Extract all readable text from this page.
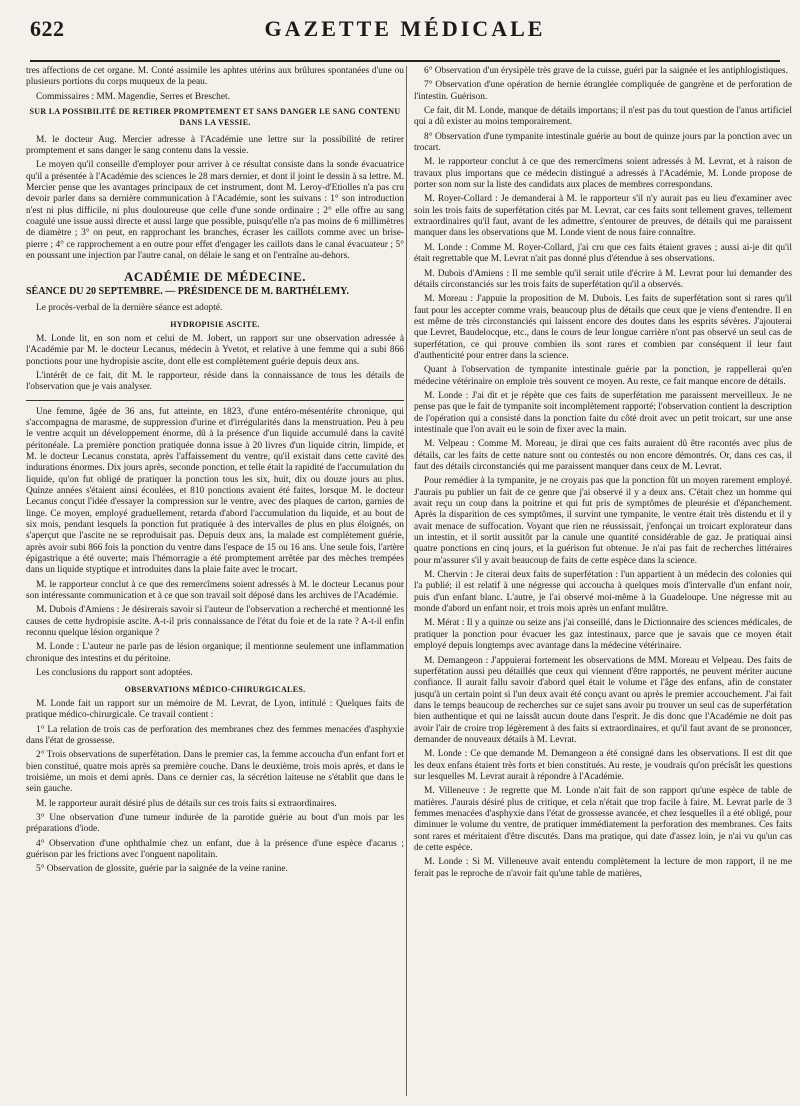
622	GAZETTE MÉDICALE

tres affections de cet organe. M. Conté assimile les aphtes utérins aux brûlures spontanées d'une ou plusieurs portions du corps muqueux de la peau.

Commissaires : MM. Magendie, Serres et Breschet.

SUR LA POSSIBILITÉ DE RETIRER PROMPTEMENT ET SANS DANGER LE SANG CONTENU DANS LA VESSIE.

M. le docteur Aug. Mercier adresse à l'Académie une lettre sur la possibilité de retirer promptement et sans danger le sang contenu dans la vessie.

Le moyen qu'il conseille d'employer pour arriver à ce résultat consiste dans la sonde évacuatrice qu'il a présentée à l'Académie des sciences le 28 mars dernier, et dont il joint le dessin à sa lettre. M. Mercier pense que les avantages principaux de cet instrument, dont M. Leroy-d'Etiolles n'a pas cru devoir parler dans sa dernière communication à l'Académie, sont les suivans : 1° son introduction n'est ni plus difficile, ni plus douloureuse que celle d'une sonde ordinaire ; 2° elle offre au sang coagulé une issue aussi directe et aussi large que possible, puisqu'elle n'a pas moins de 6 millimètres de diamètre ; 3° on peut, en rapprochant les branches, écraser les caillots comme avec un brise-pierre ; 4° ce rapprochement a en outre pour effet d'engager les caillots dans le canal évacuateur ; 5° en poussant une injection par l'autre canal, on délaie le sang et on l'entraîne au-dehors.

ACADÉMIE DE MÉDECINE.
SÉANCE DU 20 SEPTEMBRE. — PRÉSIDENCE DE M. BARTHÉLEMY.

Le procès-verbal de la dernière séance est adopté.

HYDROPISIE ASCITE.

M. Londe lit, en son nom et celui de M. Jobert, un rapport sur une observation adressée à l'Académie par M. le docteur Lecanus, médecin à Yvetot, et relative à une femme qui a subi 866 ponctions pour une hydropisie ascite, dont elle est complètement guérie depuis deux ans.

L'intérêt de ce fait, dit M. le rapporteur, réside dans la connaissance de tous les détails de l'observation que je vais analyser.

Une femme, âgée de 36 ans, fut atteinte, en 1823, d'une entéro-mésentérite chronique, qui s'accompagna de marasme, de suppression d'urine et d'irrégularités dans la menstruation. Peu à peu le ventre acquit un développement énorme, dû à la présence d'un liquide accumulé dans la cavité péritonéale. La première ponction pratiquée donna issue à 20 livres d'un liquide citrin, limpide, et M. le docteur Lecanus constata, après l'affaissement du ventre, qu'il existait dans cette cavité des indurations énormes. Dix jours après, seconde ponction, et telle était la rapidité de l'accumulation du liquide, qu'on fut obligé de pratiquer la ponction tous les six, huit, dix ou douze jours au plus. Quinze années s'étaient ainsi écoulées, et 810 ponctions avaient été faites, lorsque M. le docteur Lecanus conçut l'idée d'essayer la compression sur le ventre, avec des plaques de carton, garnies de linge. Ce moyen, employé graduellement, retarda d'abord l'accumulation du liquide, et au bout de six mois, pendant lesquels la ponction fut pratiquée à des intervalles de plus en plus éloignés, on s'aperçut que l'ascite ne se reproduisait pas. Depuis deux ans, la malade est complètement guérie, après avoir subi 866 fois la ponction du ventre dans l'espace de 15 ou 16 ans. Une seule fois, l'artère épigastrique a été ouverte; mais l'hémorragie a été promptement arrêtée par des mèches trempées dans un liquide styptique et introduites dans la plaie faite avec le trocart.

M. le rapporteur conclut à ce que des remercîmens soient adressés à M. le docteur Lecanus pour son intéressante communication et à ce que son travail soit déposé dans les archives de l'Académie.

M. Dubois d'Amiens : Je désirerais savoir si l'auteur de l'observation a recherché et mentionné les causes de cette hydropisie ascite. A-t-il pris connaissance de l'état du foie et de la rate ? A-t-il enfin reconnu quelque lésion organique ?

M. Londe : L'auteur ne parle pas de lésion organique; il mentionne seulement une inflammation chronique des intestins et du péritoine.

Les conclusions du rapport sont adoptées.

OBSERVATIONS MÉDICO-CHIRURGICALES.

M. Londe fait un rapport sur un mémoire de M. Levrat, de Lyon, intitulé : Quelques faits de pratique médico-chirurgicale. Ce travail contient :

1° La relation de trois cas de perforation des membranes chez des femmes menacées d'asphyxie dans l'état de grossesse.

2° Trois observations de superfétation. Dans le premier cas, la femme accoucha d'un enfant fort et bien constitué, quatre mois après sa première couche. Dans le deuxième, trois mois après, et dans le troisième, un mois et demi après. Dans ce dernier cas, la sécrétion laiteuse ne s'établit que dans le sein gauche.

M. le rapporteur aurait désiré plus de détails sur ces trois faits si extraordinaires.

3° Une observation d'une tumeur indurée de la parotide guérie au bout d'un mois par les préparations d'iode.

4° Observation d'une ophthalmie chez un enfant, due à la présence d'une espèce d'acarus ; guérison par les frictions avec l'onguent napolitain.

5° Observation de glossite, guérie par la saignée de la veine ranine.

6° Observation d'un érysipèle très grave de la cuisse, guéri par la saignée et les antiphlogistiques.

7° Observation d'une opération de hernie étranglée compliquée de gangrène et de perforation de l'intestin. Guérison.

Ce fait, dit M. Londe, manque de détails importans; il n'est pas du tout question de l'anus artificiel qui a dû exister au moins temporairement.

8° Observation d'une tympanite intestinale guérie au bout de quinze jours par la ponction avec un trocart.

M. le rapporteur conclut à ce que des remercîmens soient adressés à M. Levrat, et à raison de travaux plus importans que ce médecin distingué a adressés à l'Académie, M. Londe propose de porter son nom sur la liste des candidats aux places de membres correspondans.

M. Royer-Collard : Je demanderai à M. le rapporteur s'il n'y aurait pas eu lieu d'examiner avec soin les trois faits de superfétation cités par M. Levrat, car ces faits sont tellement graves, tellement extraordinaires qu'il faut, avant de les admettre, s'entourer de preuves, de détails qui me paraissent manquer dans les observations que M. Londe vient de nous faire connaître.

M. Londe : Comme M. Royer-Collard, j'ai cru que ces faits étaient graves ; aussi ai-je dit qu'il était regrettable que M. Levrat n'ait pas donné plus d'étendue à ses observations.

M. Dubois d'Amiens : Il me semble qu'il serait utile d'écrire à M. Levrat pour lui demander des détails circonstanciés sur les trois faits de superfétation qu'il a observés.

M. Moreau : J'appuie la proposition de M. Dubois. Les faits de superfétation sont si rares qu'il faut pour les accepter comme vrais, beaucoup plus de détails que ceux que je viens d'entendre. Il en est même de très circonstanciés qui laissent encore des doutes dans les esprits sévères. J'ajouterai que Levret, Baudelocque, etc., dans le cours de leur longue carrière n'ont pas observé un seul cas de superfétation, ce qui prouve combien ils sont rares et combien par conséquent il leur faut d'authenticité pour entrer dans la science.

Quant à l'observation de tympanite intestinale guérie par la ponction, je rappellerai qu'en médecine vétérinaire on emploie très souvent ce moyen. Au reste, ce fait manque encore de détails.

M. Londe : J'ai dit et je répète que ces faits de superfétation me paraissent merveilleux. Je ne pense pas que le fait de tympanite soit incomplètement rapporté; l'observation contient la description de l'opération qui a consisté dans la ponction faite du côté droit avec un petit troicart, sur une anse intestinale que l'on avait eu le soin de fixer avec la main.

M. Velpeau : Comme M. Moreau, je dirai que ces faits auraient dû être racontés avec plus de détails, car les faits de cette nature sont ou contestés ou non encore démontrés. Or, dans ces cas, il faut des détails circonstanciés qui me paraissent manquer dans ceux de M. Levrat.

Pour remédier à la tympanite, je ne croyais pas que la ponction fût un moyen rarement employé. J'aurais pu publier un fait de ce genre que j'ai observé il y a deux ans. C'était chez un homme qui avait reçu un coup dans la poitrine et qui fut pris de symptômes de pleurésie et d'épanchement. Après la disparition de ces symptômes, il survint une tympanite, le ventre était très distendu et il y avait menace de suffocation. Voyant que rien ne réussissait, j'enfonçai un troicart explorateur dans un intestin, et il sortit aussitôt par la canule une quantité considérable de gaz. Je pratiquai ainsi quatre ponctions en cinq jours, et la guérison fut obtenue. Je n'ai pas fait de recherches littéraires pour m'assurer s'il y avait beaucoup de faits de cette espèce dans la science.

M. Chervin : Je citerai deux faits de superfétation : l'un appartient à un médecin des colonies qui l'a publié; il est relatif à une négresse qui accoucha à quelques mois d'intervalle d'un enfant noir, puis d'un enfant blanc. L'autre, je l'ai observé moi-même à la Guadeloupe. Une négresse mit au monde d'abord un enfant noir, et trois mois après un enfant mulâtre.

M. Mérat : Il y a quinze ou seize ans j'ai conseillé, dans le Dictionnaire des sciences médicales, de pratiquer la ponction pour évacuer les gaz intestinaux, parce que je savais que ce moyen était employé depuis longtemps avec avantage dans la médecine vétérinaire.

M. Demangeon : J'appuierai fortement les observations de MM. Moreau et Velpeau. Des faits de superfétation aussi peu détaillés que ceux qui viennent d'être rapportés, ne peuvent mériter aucune confiance. Il aurait fallu savoir d'abord quel était le volume et l'âge des enfans, afin de constater jusqu'à un certain point si l'un deux avait été conçu avant ou après le premier accouchement. J'ai fait dans le temps beaucoup de recherches sur ce sujet sans avoir pu trouver un seul cas de superfétation bien authentique et qui ne laissât aucun doute dans l'esprit. Je dis donc que l'Académie ne doit pas avoir l'air de croire trop légèrement à des faits si extraordinaires, et qu'il faut avant de se prononcer, demander de nouveaux détails à M. Levrat.

M. Londe : Ce que demande M. Demangeon a été consigné dans les observations. Il est dit que les deux enfans étaient très forts et bien constitués. Au reste, je voudrais qu'on précisât les questions sur lesquelles M. Levrat aurait à répondre à l'Académie.

M. Villeneuve : Je regrette que M. Londe n'ait fait de son rapport qu'une espèce de table de matières. J'aurais désiré plus de critique, et cela n'était que trop facile à faire. M. Levrat parle de 3 femmes menacées d'asphyxie dans l'état de grossesse avancée, et chez lesquelles il a été obligé, pour diminuer le volume du ventre, de pratiquer immédiatement la perforation des membranes. Ces faits sont rares et méritaient d'être discutés. Dans ma pratique, qui date d'assez loin, je n'ai vu qu'un cas de cette espèce.

M. Londe : Si M. Villeneuve avait entendu complètement la lecture de mon rapport, il ne me ferait pas le reproche de n'avoir fait qu'une table de matières,
